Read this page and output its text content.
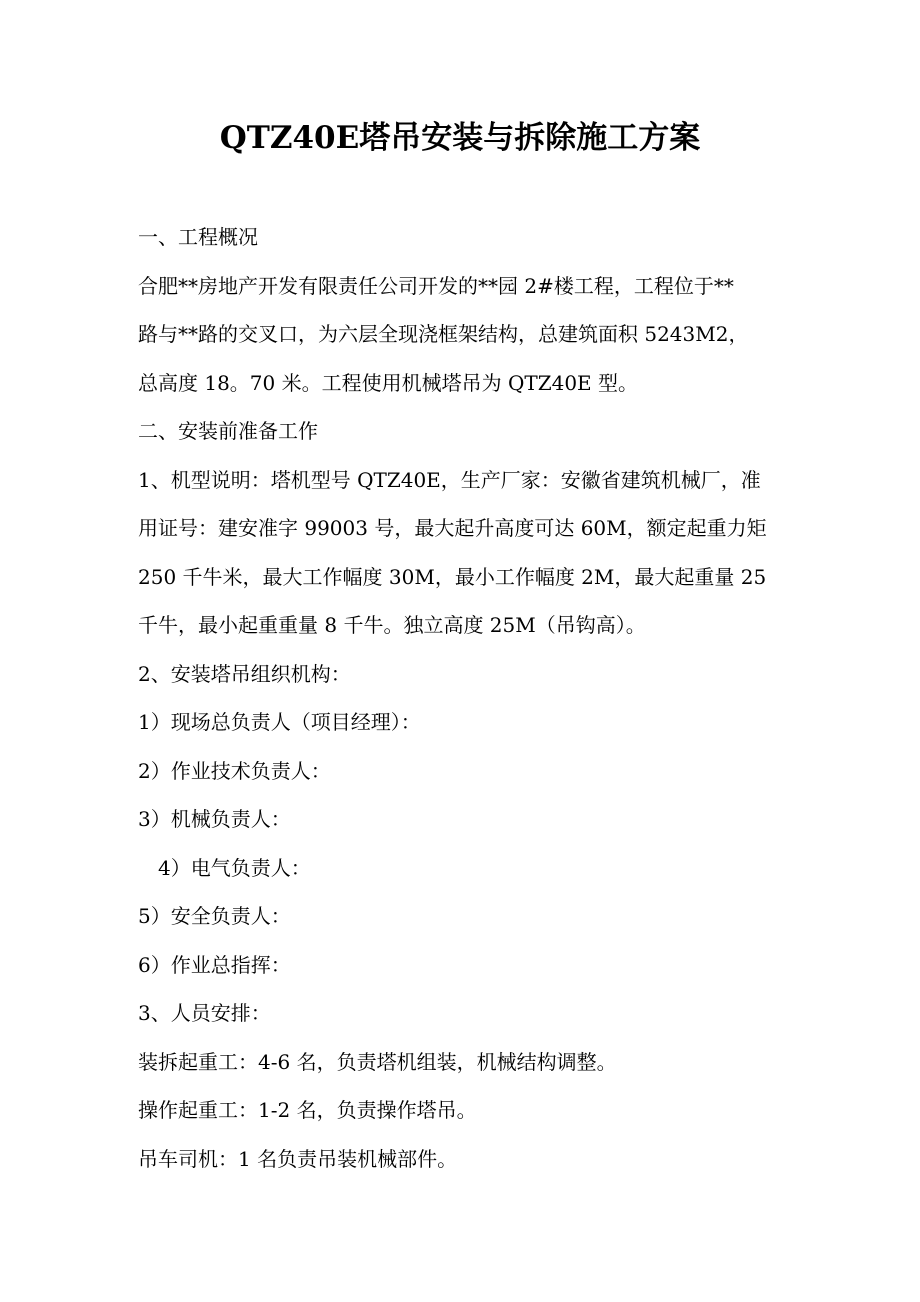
QTZ40E塔吊安装与拆除施工方案

一、工程概况

合肥**房地产开发有限责任公司开发的**园 2#楼工程，工程位于**

路与**路的交叉口，为六层全现浇框架结构，总建筑面积 5243M2，

总高度 18。70 米。工程使用机械塔吊为 QTZ40E 型。

二、安装前准备工作

1、机型说明：塔机型号 QTZ40E，生产厂家：安徽省建筑机械厂，准

用证号：建安准字 99003 号，最大起升高度可达 60M，额定起重力矩

250 千牛米，最大工作幅度 30M，最小工作幅度 2M，最大起重量 25

千牛，最小起重重量 8 千牛。独立高度 25M（吊钩高）。

2、安装塔吊组织机构：

1）现场总负责人（项目经理）：

2）作业技术负责人：

3）机械负责人：

4）电气负责人：

5）安全负责人：

6）作业总指挥：

3、人员安排：

装拆起重工：4-6 名，负责塔机组装，机械结构调整。

操作起重工：1-2 名，负责操作塔吊。

吊车司机：1 名负责吊装机械部件。
